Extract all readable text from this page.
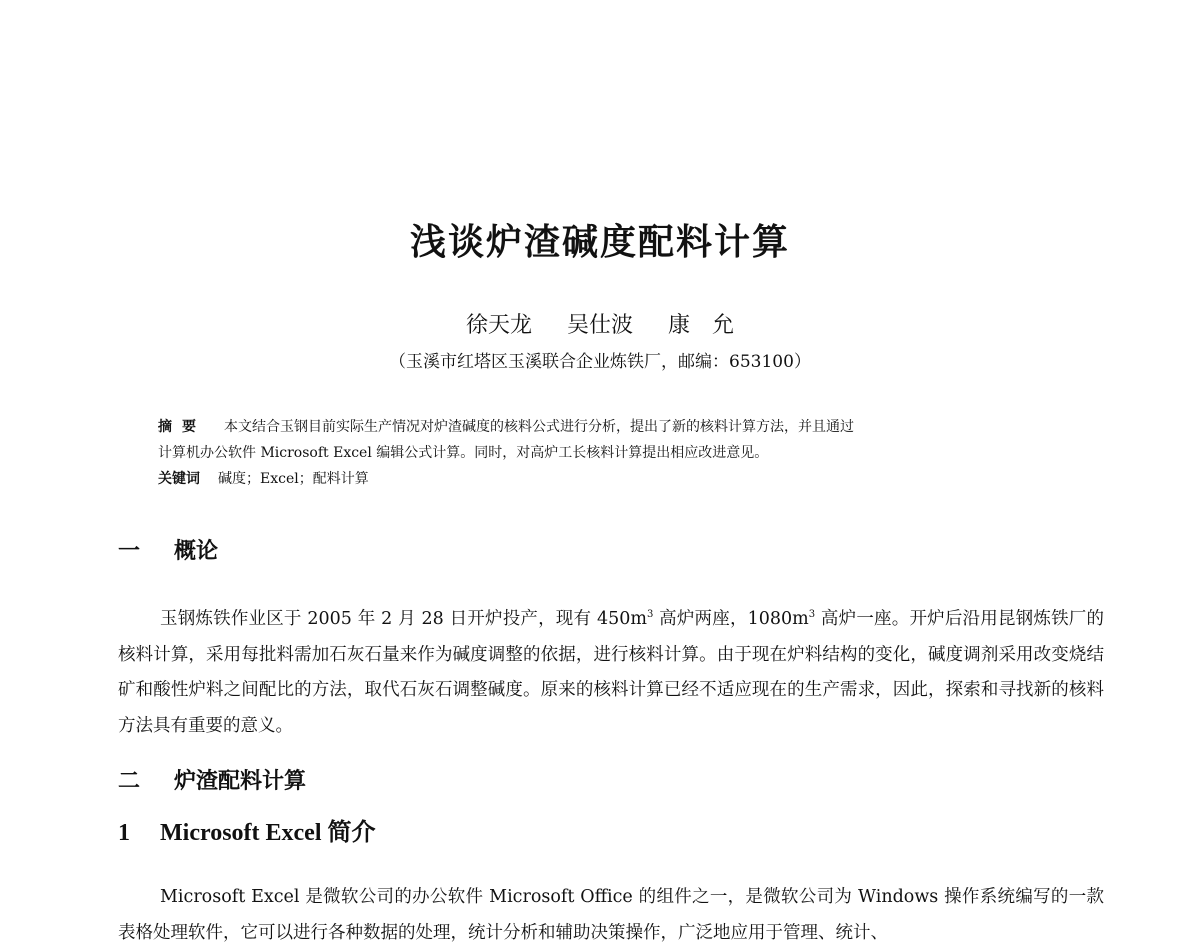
浅谈炉渣碱度配料计算
徐天龙 吴仕波 康　允
（玉溪市红塔区玉溪联合企业炼铁厂，邮编：653100）

摘要 本文结合玉钢目前实际生产情况对炉渣碱度的核料公式进行分析，提出了新的核料计算方法，并且通过

计算机办公软件 Microsoft Excel 编辑公式计算。同时，对高炉工长核料计算提出相应改进意见。

关键词 碱度；Excel；配料计算

一 概论

玉钢炼铁作业区于 2005 年 2 月 28 日开炉投产，现有 $450m^3$ 高炉两座，$1080m^3$ 高炉一座。开炉后沿用昆钢炼铁厂的核料计算，采用每批料需加石灰石量来作为碱度调整的依据，进行核料计算。由于现在炉料结构的变化，碱度调剂采用改变烧结矿和酸性炉料之间配比的方法，取代石灰石调整碱度。原来的核料计算已经不适应现在的生产需求，因此，探索和寻找新的核料方法具有重要的意义。

二 炉渣配料计算
1 Microsoft Excel 简介

Microsoft Excel 是微软公司的办公软件 Microsoft Office 的组件之一，是微软公司为 Windows 操作系统编写的一款表格处理软件，它可以进行各种数据的处理，统计分析和辅助决策操作，广泛地应用于管理、统计、
